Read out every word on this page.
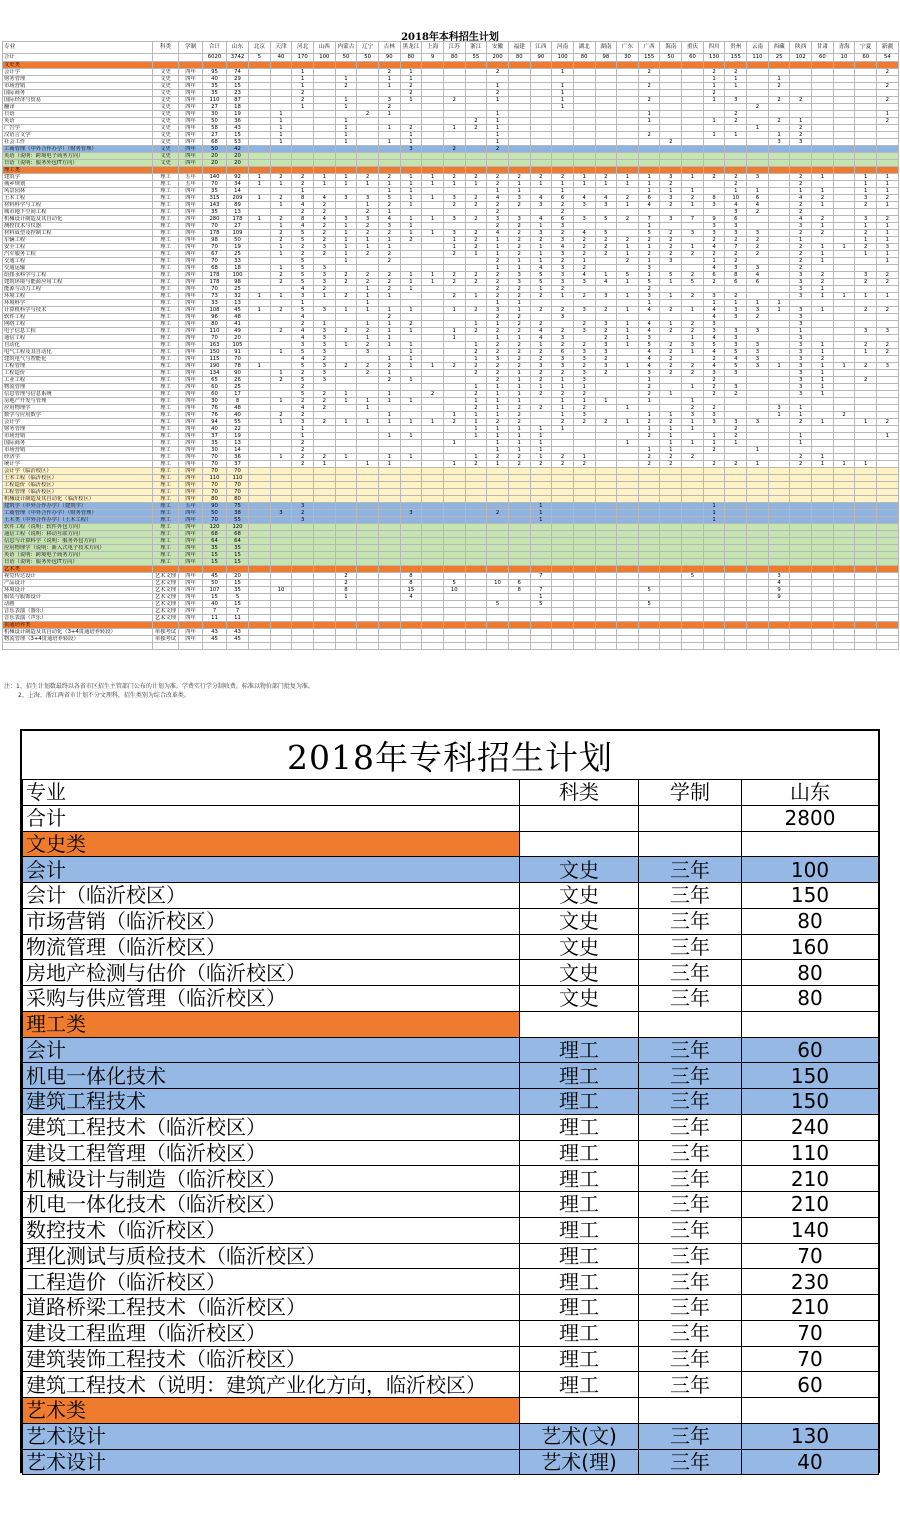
2018年本科招生计划
专业	科类	学制	合计	山东	北京	天津	河北	山西	内蒙古	辽宁	吉林	黑龙江	上海	江苏	浙江	安徽	福建	江西	河南	湖北	湖南	广东	广西	海南	重庆	四川	贵州	云南	西藏	陕西	甘肃	青海	宁夏	新疆
合计			6020	3742	5	40	170	100	50	50	90	80	9	80	55	200	80	90	100	80	98	30	155	50	60	130	155	110	25	102	60	10	60	54
文史类																																		
会计学	文史	四年	95	74			1				2	1				2			1				2			2	2							2
财务管理	文史	四年	40	29			1		1		1	1														1	1		1					
市场营销	文史	四年	35	15			1		2		1	2				1			1				2			1	1		2					2
国际商务	文史	四年	35	23			2					2				2			1							2								
国际经济与贸易	文史	四年	110	87			2		1		3	1		2		1			1				2			1	3		2	2				2
翻译	文史	四年	27	18			1		1		2								1									2						
日语	文史	四年	30	19		1				2	1					1							1				2							1
英语	文史	四年	50	36		1			1						2	1							1			1	2		2	1				2
广告学	文史	四年	58	43		1			1		1	2		1	2	1												1		2				
汉语言文学	文史	四年	27	15		1			1			1				1							2			1	1		1	2				
社会工作	文史	四年	68	53		1			1		1	1				1								2					3	3				
工商管理（中外合作办学）（财务管理）	文史	四年	50	42								3		2		2																		
英语（说明：跨境电子商务方向）	文史	四年	20	20																														
日语（说明：服务外包IT方向）	文史	四年	20	20																														
理工类																																		
建筑学	理工	五年	140	92	1	2	2	1	1	2	2	1	1	2	2	2	2	2	2	1	2	1	1	3	1	2	2	3		2	1		1	1
城乡规划	理工	五年	70	34	1	1	2	1	1	1	1	1	1	1	1	2	1	1	1	1	1	1	1	2			2			2			1	1
风景园林	理工	四年	35	14			1				1	1				1	1		1				1	1	1		1	1		1	1		1	1
土木工程	理工	四年	315	209	1	2	8	4	3	3	5	1	1	3	2	4	3	4	6	4	4	2	6	3	2	8	10	6		4	2		3	2
材料科学与工程	理工	四年	143	89		1	4	2		1	2	1		2	2	2	2	3	2	3	3	1	4	2	1	3	4	4		2	1		2	1
城市地下空间工程	理工	四年	35	13			2	2		2	1					2			2								3	2		2				
机械设计制造及其自动化	理工	四年	280	178	1	2	8	4	3	3	4	1	1	3	2	3	3	4	6	3	5	2	7	3	7	9	6			4	2		3	2
测控技术与仪器	理工	四年	70	27		1	4	2	1	2	3	1				2	2	1	3				1			3	3			3	1		1	1
材料成型及控制工程	理工	四年	178	109		2	5	2	1	2	2	1	1	3	2	4	2	3	2	4	5		5	2	3	3	3	3		2	2		2	1
车辆工程	理工	四年	98	50		2	5	2	1	1	1	2		1	2	1	2	2	3	2	2	2	2	2		2	2	2		1			1	1
安全工程	理工	四年	70	19		1	2	3	1	1	1			1	2	1	2	1	4	2	2	1	1	2	1	4	7	2		2	1	1	2	3
汽车服务工程	理工	四年	67	25		1	2	2	1	2	2			2	1	1	2	1	3	2	2	1	2	2	2	2	2	2		2	1		1	1
交通工程	理工	四年	70	33			5		1		2					2	1	1	2	1		2	1	3		1	2			2	1			1
交通运输	理工	四年	68	18		1	5	3								1	1	4	3	2			3			4	3	3		2				
给排水科学与工程	理工	四年	178	100		2	5	3	2	2	2	1	1	2	2	2	3	5	3	4	1	5	1	5	2	6	8	4		3	2		3	2
建筑环境与能源应用工程	理工	四年	178	98		2	5	3	2	2	2	1	1	2	2	2	3	5	3	3	4	1	5	1	5	2	6	6		3	2		2	2
能源与动力工程	理工	四年	70	25			4	2		1	2	1				2	2	1	2				2							3	1			
环境工程	理工	四年	73	32	1	1	3	1	2	1	1			2	1	2	2	2	1	2	3	1	3	1	2	3	2			3	1	1	1	1
环境科学	理工	四年	33	13			1			1						1	1						1			1	1	1	1					
计算机科学与技术	理工	四年	108	45	1	2	5	3	1	1	1	1		1	2	3	1	2	2	3	2	1	4	2	1	4	3	3	1	3	1		2	2
软件工程	理工	四年	96	48			4				2					2	2		3							4	3	2		3				
网络工程	理工	四年	80	41			2	1		1	1	2			1	1	2	2		2	3	1	4	1	2	3				3				
电子信息工程	理工	四年	110	49		2	4	3	2	2	1	1		1	2	2	2	4	2	3	2	1	4	2	2	3	3	3		1			3	3
通信工程	理工	四年	70	20			4	3		1	1			1		1	1	4	3		2	1	3		1	4	3			3				
自动化	理工	四年	163	105			3	3	1	2	1	1			1	2	2	1	2	2	3	1	5	2	3	5	3	3		3	1		2	2
电气工程及其自动化	理工	四年	150	91		1	5	3		3		1			2	2	2	2	6	3	3		4	2	1	4	5	3		3	1		1	2
建筑电气与智能化	理工	四年	115	70			4	2			1	1			1	3	2	2	3	3	2		4	2		2	4	3		3	2			
工程管理	理工	四年	190	78	1		5	3	2	2	2	1	1	2	2	2	2	3	3	2	3	1	4	2	2	4	5	3	1	3	1	1	2	3
工程造价	理工	四年	134	90		1	2	3		2	1				2	2	1	2	2	3	2		3	2	2	3	3			3	1			
工业工程	理工	四年	65	26		2	5	3			2	1				2	1	2	1	3			1			2				3	1		2	
物流管理	理工	四年	60	25			2								1	1	1	1	1	1			2		1	2	3			3	1			
信息管理与信息系统	理工	四年	60	17			5	2	1		1		2		2	1	1	2	2	2			2	1		2	2			3	1			
房地产开发与管理	理工	四年	30	8		1	2	2	1	1	1	1			1	1	1		1	1	1		1		1									
应用物理学	理工	四年	76	48			4	2		1					2	1	2	2	1	2		1			2	2			3	1				
数学与应用数学	理工	四年	76	40		2	2				1			1	1	1	2		1	3			1	1	3	3			1	1		2		
会计学	理工	四年	94	55		1	3	2	1	1	1	1	1	2	1	2	2		2	2	2	1	2	2	1	3	3	3		2	1		1	2
财务管理	理工	四年	40	22			1								1	1	1	1	1				1	1	1		2							
市场营销	理工	四年	37	19			1				1	1			1	1	1	1					2	1		1	2			1				1
国际商务	理工	四年	35	13			2							1		1	1	1				1		1	1	1	1			1				
市场营销	理工	四年	30	14			2									1	1	1					1	1		2		1						
经济学	理工	四年	70	36		1	2	2	1		1	1			1	2	2	1	2	1			2	2	2					2	1			
统计学	理工	四年	70	37			2	1		1	1			1	2	1	2	2	2	2			2	2		2	2	1		2	1	1	1	
会计学（临沂校区）	理工	四年	70	70																														
土木工程（临沂校区）	理工	四年	110	110																														
工程造价（临沂校区）	理工	四年	70	70																														
工程管理（临沂校区）	理工	四年	70	70																														
机械设计制造及其自动化（临沂校区）	理工	四年	80	80																														
建筑学（中外合作办学）（建筑学）	理工	五年	90	75			3											1								1								
工商管理（中外合作办学）（财务管理）	理工	四年	50	38		3	2					3				2		1								1								
土木类（中外合作办学）（土木工程）	理工	四年	70	55			3											1								1								
软件工程（说明：软件外包方向）	理工	四年	120	120																														
通信工程（说明：移动互联方向）	理工	四年	68	68																														
信息与计算科学（说明：服务外包方向）	理工	四年	64	64																														
应用物理学（说明：新入式电子技术方向）	理工	四年	35	35																														
英语（说明：跨境电子商务方向）	理工	四年	15	15																														
日语（说明：服务外包IT方向）	理工	四年	15	15																														
艺术类																																		
视觉传达设计	艺术文理	四年	45	20					2			8						7							5				3					
产品设计	艺术文理	四年	50	15					2			8		5		10	6												4					
环境设计	艺术文理	四年	107	35		10			8			15		10			8	7					5						9					
服装与服饰设计	艺术文理	四年	15	5					1			4						1											9					
动画	艺术文理	四年	40	15												5		5					5											
音乐表演（器乐）	艺术文理	四年	7	7																														
音乐表演（声乐）	艺术文理	四年	11	11																														
贯通培养类																																		
机械设计制造及其自动化（3+4贯通培养转段）	单独考试	四年	43	43																														
物流管理（3+4贯通培养转段）	单独考试	四年	45	45																														

注：1、招生计划数最终以各省市区招生主管部门公布的计划为准。学费实行学分制收费，标准以物价部门批复为准。
2、上海、浙江两省市计划不分文理科，招生类别为综合改革类。
2018年专科招生计划
专业	科类	学制	山东
合计			2800
文史类			
会计	文史	三年	100
会计（临沂校区）	文史	三年	150
市场营销（临沂校区）	文史	三年	80
物流管理（临沂校区）	文史	三年	160
房地产检测与估价（临沂校区）	文史	三年	80
采购与供应管理（临沂校区）	文史	三年	80
理工类			
会计	理工	三年	60
机电一体化技术	理工	三年	150
建筑工程技术	理工	三年	150
建筑工程技术（临沂校区）	理工	三年	240
建设工程管理（临沂校区）	理工	三年	110
机械设计与制造（临沂校区）	理工	三年	210
机电一体化技术（临沂校区）	理工	三年	210
数控技术（临沂校区）	理工	三年	140
理化测试与质检技术（临沂校区）	理工	三年	70
工程造价（临沂校区）	理工	三年	230
道路桥梁工程技术（临沂校区）	理工	三年	210
建设工程监理（临沂校区）	理工	三年	70
建筑装饰工程技术（临沂校区）	理工	三年	70
建筑工程技术（说明：建筑产业化方向，临沂校区）	理工	三年	60
艺术类			
艺术设计	艺术(文)	三年	130
艺术设计	艺术(理)	三年	40
